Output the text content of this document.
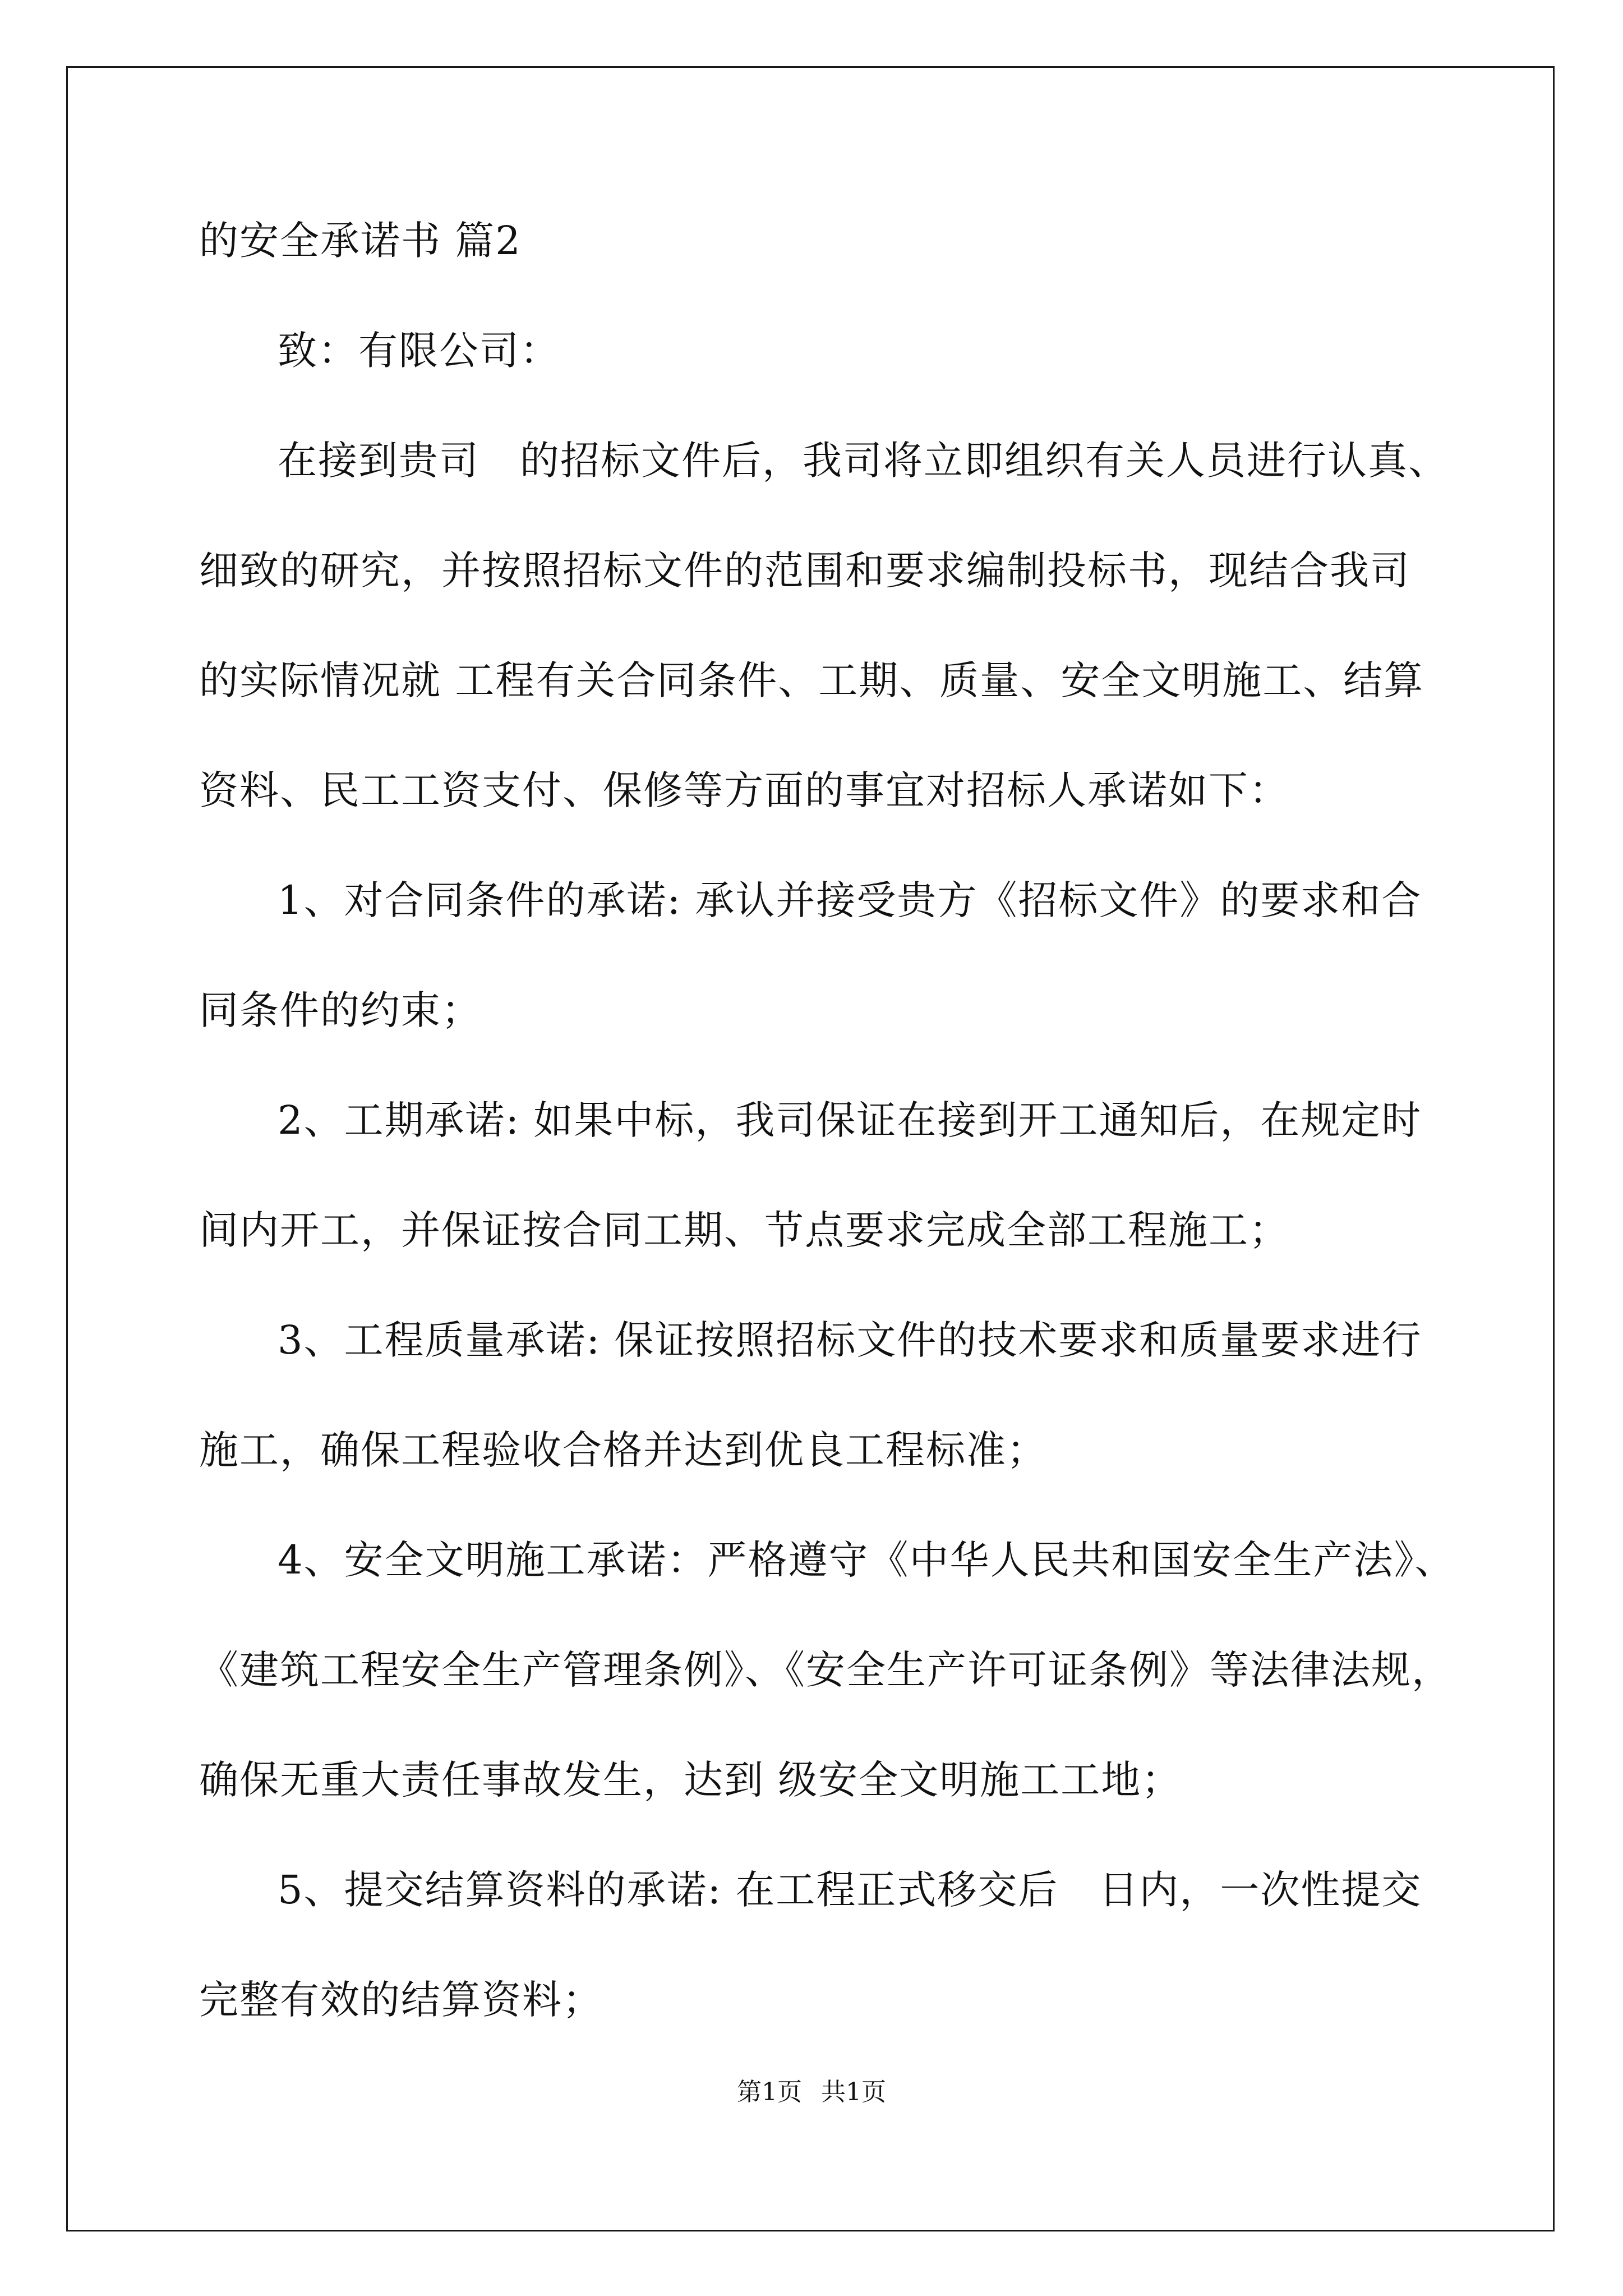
的安全承诺书 篇2
致：有限公司：
在接到贵司　的招标文件后，我司将立即组织有关人员进行认真、
细致的研究，并按照招标文件的范围和要求编制投标书，现结合我司
的实际情况就 工程有关合同条件、工期、质量、安全文明施工、结算
资料、民工工资支付、保修等方面的事宜对招标人承诺如下：
1、对合同条件的承诺: 承认并接受贵方《招标文件》的要求和合
同条件的约束；
2、工期承诺: 如果中标，我司保证在接到开工通知后，在规定时
间内开工，并保证按合同工期、节点要求完成全部工程施工；
3、工程质量承诺: 保证按照招标文件的技术要求和质量要求进行
施工，确保工程验收合格并达到优良工程标准；
4、安全文明施工承诺：严格遵守《中华人民共和国安全生产法》、
《建筑工程安全生产管理条例》、《安全生产许可证条例》等法律法规，
确保无重大责任事故发生，达到 级安全文明施工工地；
5、提交结算资料的承诺: 在工程正式移交后　日内，一次性提交
完整有效的结算资料；
第1页 共1页
